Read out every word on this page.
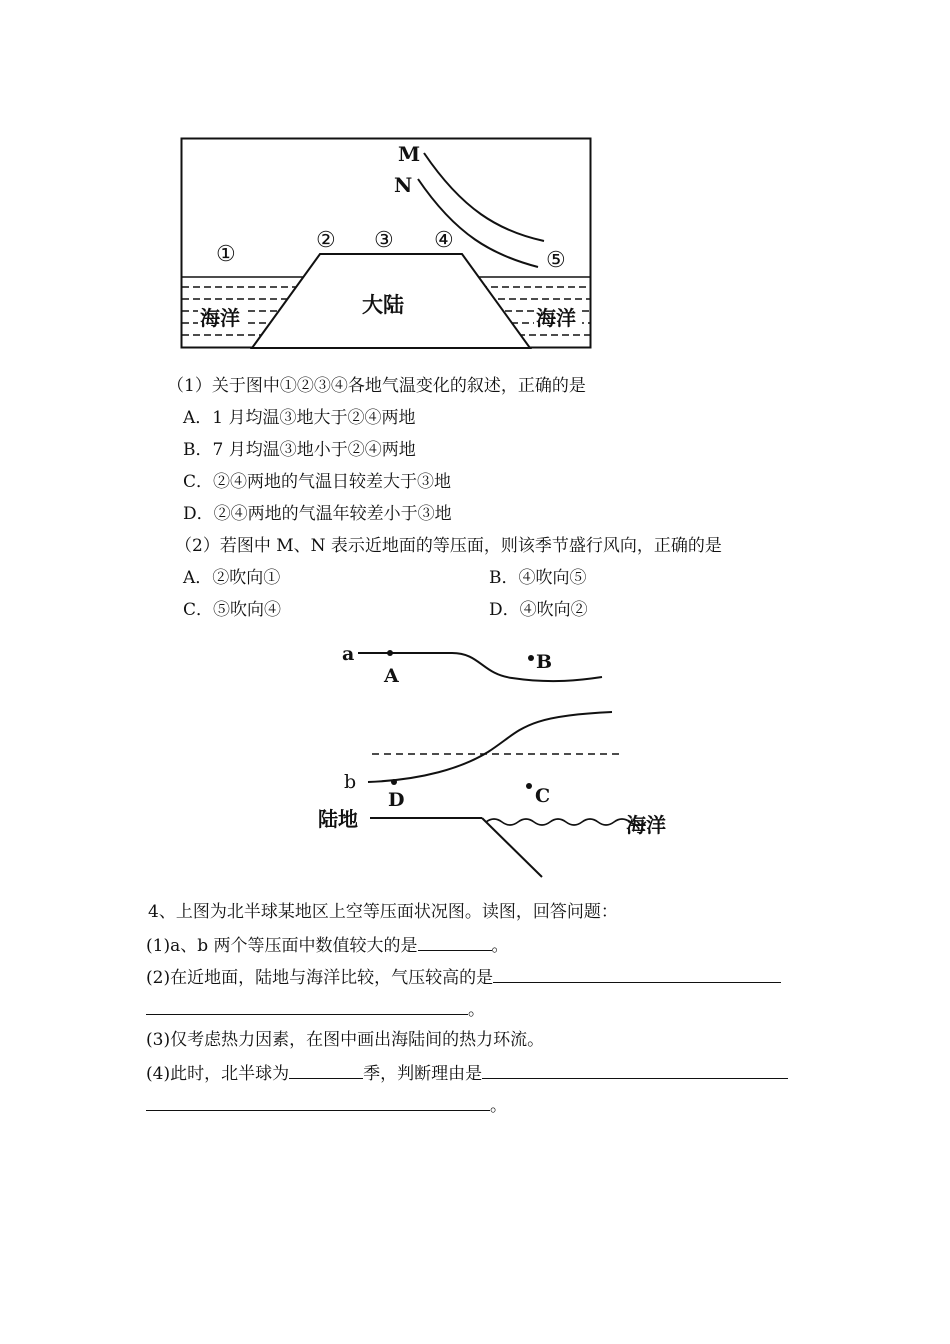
M
N
①
② ③ ④
⑤
大陆
海洋	海洋
（1）关于图中①②③④各地气温变化的叙述，正确的是
A．1 月均温③地大于②④两地
B．7 月均温③地小于②④两地
C．②④两地的气温日较差大于③地
D．②④两地的气温年较差小于③地
（2）若图中 M、N 表示近地面的等压面，则该季节盛行风向，正确的是
A．②吹向①	B．④吹向⑤
C．⑤吹向④	D．④吹向②
a
b
A
B
D	C
陆地	海洋
4、上图为北半球某地区上空等压面状况图。读图，回答问题：
(1)a、b 两个等压面中数值较大的是	。
(2)在近地面，陆地与海洋比较，气压较高的是
。
(3)仅考虑热力因素，在图中画出海陆间的热力环流。
(4)此时，北半球为	季，判断理由是
。
